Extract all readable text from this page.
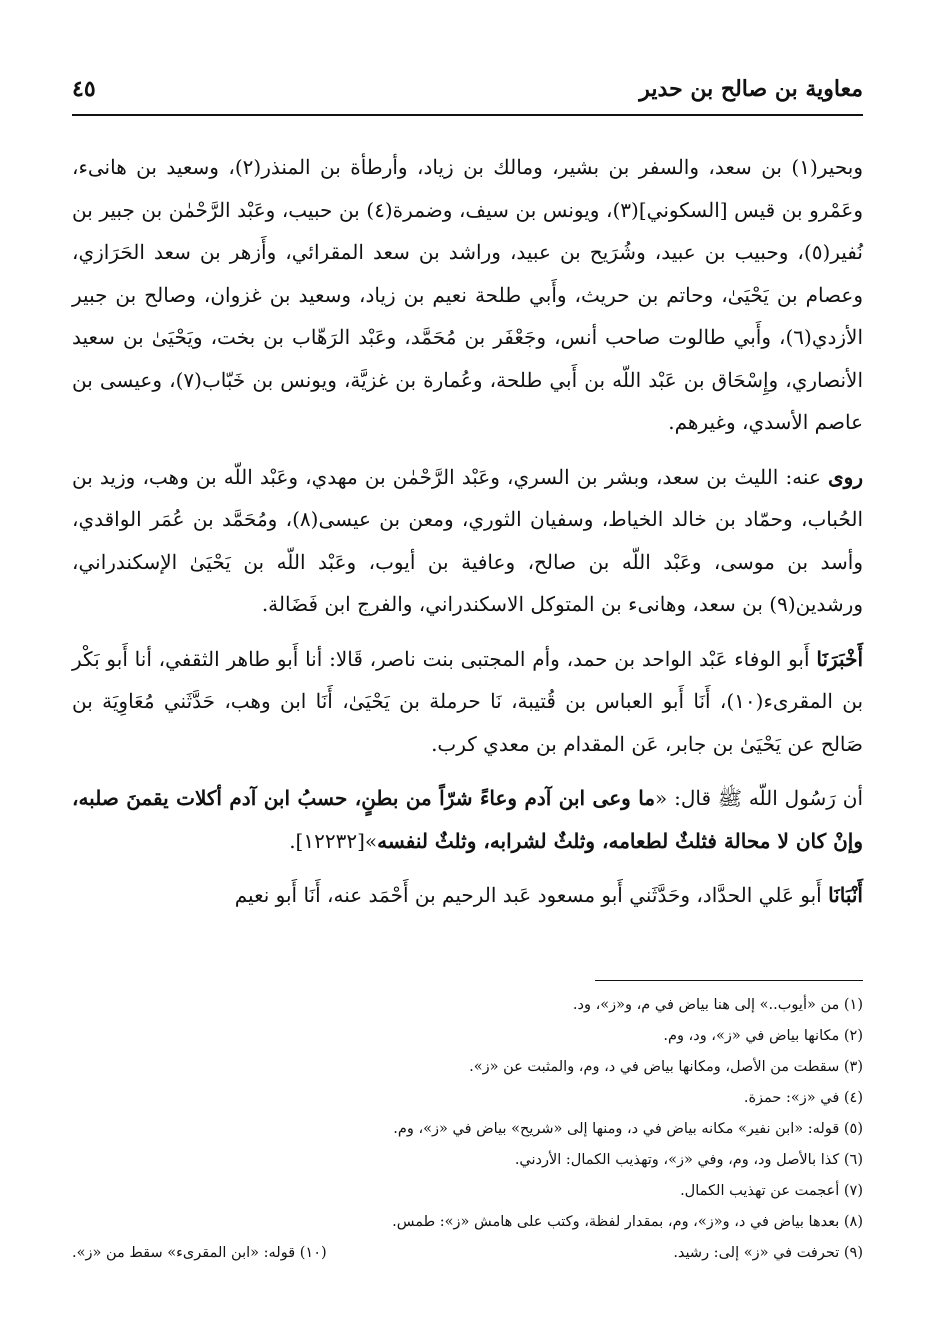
معاوية بن صالح بن حدير
٤٥

وبحير(١) بن سعد، والسفر بن بشير، ومالك بن زياد، وأرطأة بن المنذر(٢)، وسعيد بن هانىء، وعَمْرو بن قيس [السكوني](٣)، ويونس بن سيف، وضمرة(٤) بن حبيب، وعَبْد الرَّحْمٰن بن جبير بن نُفير(٥)، وحبيب بن عبيد، وشُرَيح بن عبيد، وراشد بن سعد المقرائي، وأَزهر بن سعد الحَرَازي، وعصام بن يَحْيَىٰ، وحاتم بن حريث، وأَبي طلحة نعيم بن زياد، وسعيد بن غزوان، وصالح بن جبير الأزدي(٦)، وأَبي طالوت صاحب أنس، وجَعْفَر بن مُحَمَّد، وعَبْد الرَهّاب بن بخت، ويَحْيَىٰ بن سعيد الأنصاري، وإِسْحَاق بن عَبْد اللّه بن أَبي طلحة، وعُمارة بن غزيَّة، ويونس بن خَبّاب(٧)، وعيسى بن عاصم الأسدي، وغيرهم.

روى عنه: الليث بن سعد، وبشر بن السري، وعَبْد الرَّحْمٰن بن مهدي، وعَبْد اللّه بن وهب، وزيد بن الحُباب، وحمّاد بن خالد الخياط، وسفيان الثوري، ومعن بن عيسى(٨)، ومُحَمَّد بن عُمَر الواقدي، وأسد بن موسى، وعَبْد اللّه بن صالح، وعافية بن أيوب، وعَبْد اللّه بن يَحْيَىٰ الإسكندراني، ورشدين(٩) بن سعد، وهانىء بن المتوكل الاسكندراني، والفرج ابن فَضَالة.

أَخْبَرَنَا أَبو الوفاء عَبْد الواحد بن حمد، وأم المجتبى بنت ناصر، قَالا: أنا أَبو طاهر الثقفي، أنا أَبو بَكْر بن المقرىء(١٠)، أَنَا أَبو العباس بن قُتيبة، نَا حرملة بن يَحْيَىٰ، أَنَا ابن وهب، حَدَّثَني مُعَاوِيَة بن صَالح عن يَحْيَىٰ بن جابر، عَن المقدام بن معدي كرب.

أن رَسُول اللّه ﷺ قال: «ما وعى ابن آدم وعاءً شرّاً من بطنٍ، حسبُ ابن آدم أكلات يقمنَ صلبه، وإنْ كان لا محالة فثلثٌ لطعامه، وثلثٌ لشرابه، وثلثٌ لنفسه»[١٢٢٣٢].

أَنْبَانَا أَبو عَلي الحدَّاد، وحَدَّثَني أَبو مسعود عَبد الرحيم بن أَحْمَد عنه، أَنَا أَبو نعيم

(١) من «أيوب..» إلى هنا بياض في م، و«ز»، ود.
(٢) مكانها بياض في «ز»، ود، وم.
(٣) سقطت من الأصل، ومكانها بياض في د، وم، والمثبت عن «ز».
(٤) في «ز»: حمزة.
(٥) قوله: «ابن نفير» مكانه بياض في د، ومنها إلى «شريح» بياض في «ز»، وم.
(٦) كذا بالأصل ود، وم، وفي «ز»، وتهذيب الكمال: الأردني.
(٧) أعجمت عن تهذيب الكمال.
(٨) بعدها بياض في د، و«ز»، وم، بمقدار لفظة، وكتب على هامش «ز»: طمس.
(٩) تحرفت في «ز» إلى: رشيد.
(١٠) قوله: «ابن المقرىء» سقط من «ز».
